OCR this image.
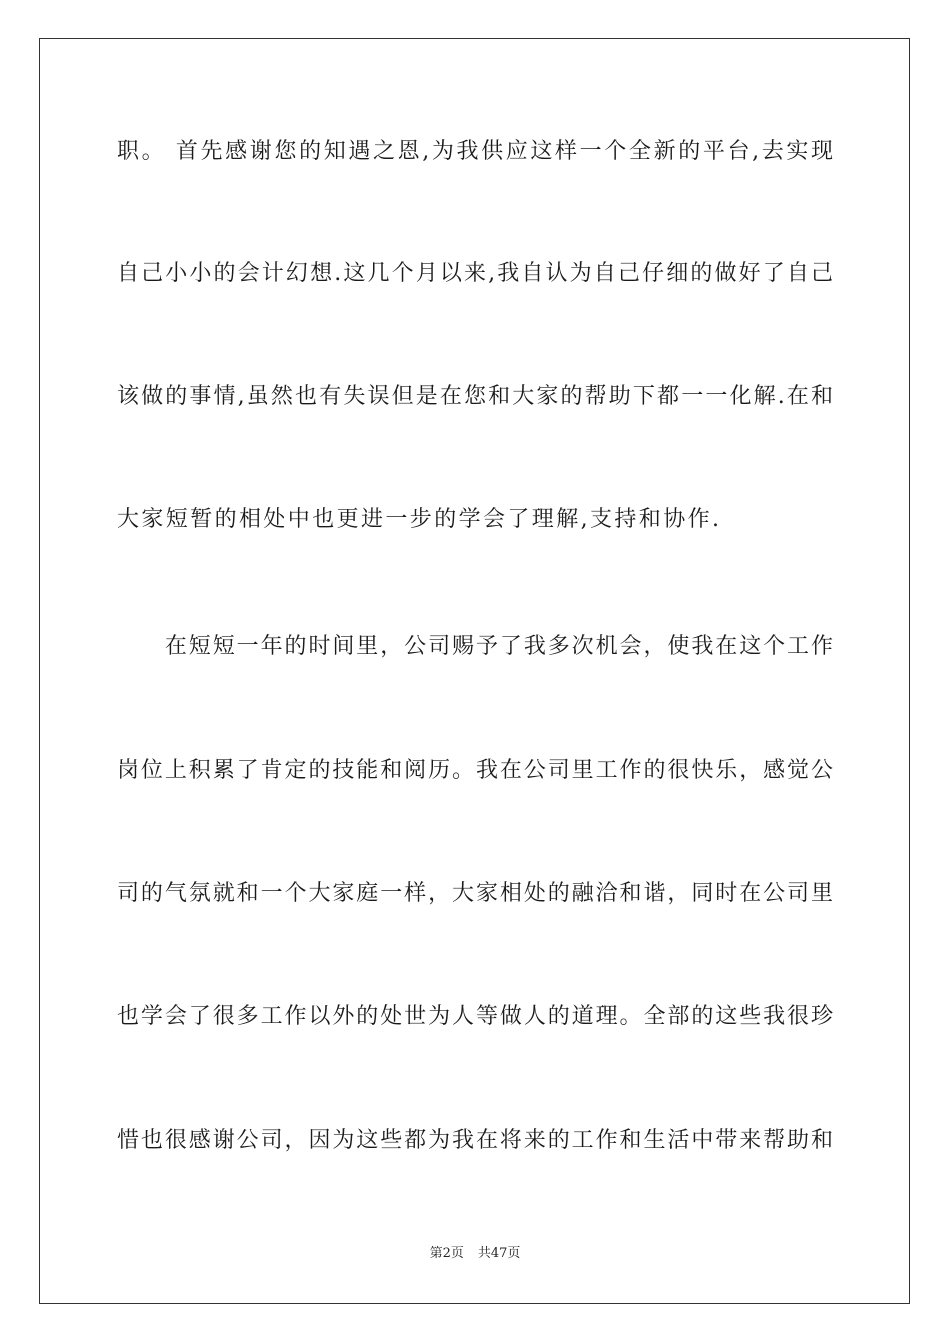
职。 首先感谢您的知遇之恩,为我供应这样一个全新的平台,去实现
自己小小的会计幻想.这几个月以来,我自认为自己仔细的做好了自己
该做的事情,虽然也有失误但是在您和大家的帮助下都一一化解.在和
大家短暂的相处中也更进一步的学会了理解,支持和协作.
　　在短短一年的时间里，公司赐予了我多次机会，使我在这个工作
岗位上积累了肯定的技能和阅历。我在公司里工作的很快乐，感觉公
司的气氛就和一个大家庭一样，大家相处的融洽和谐，同时在公司里
也学会了很多工作以外的处世为人等做人的道理。全部的这些我很珍
惜也很感谢公司，因为这些都为我在将来的工作和生活中带来帮助和
第2页 共47页
